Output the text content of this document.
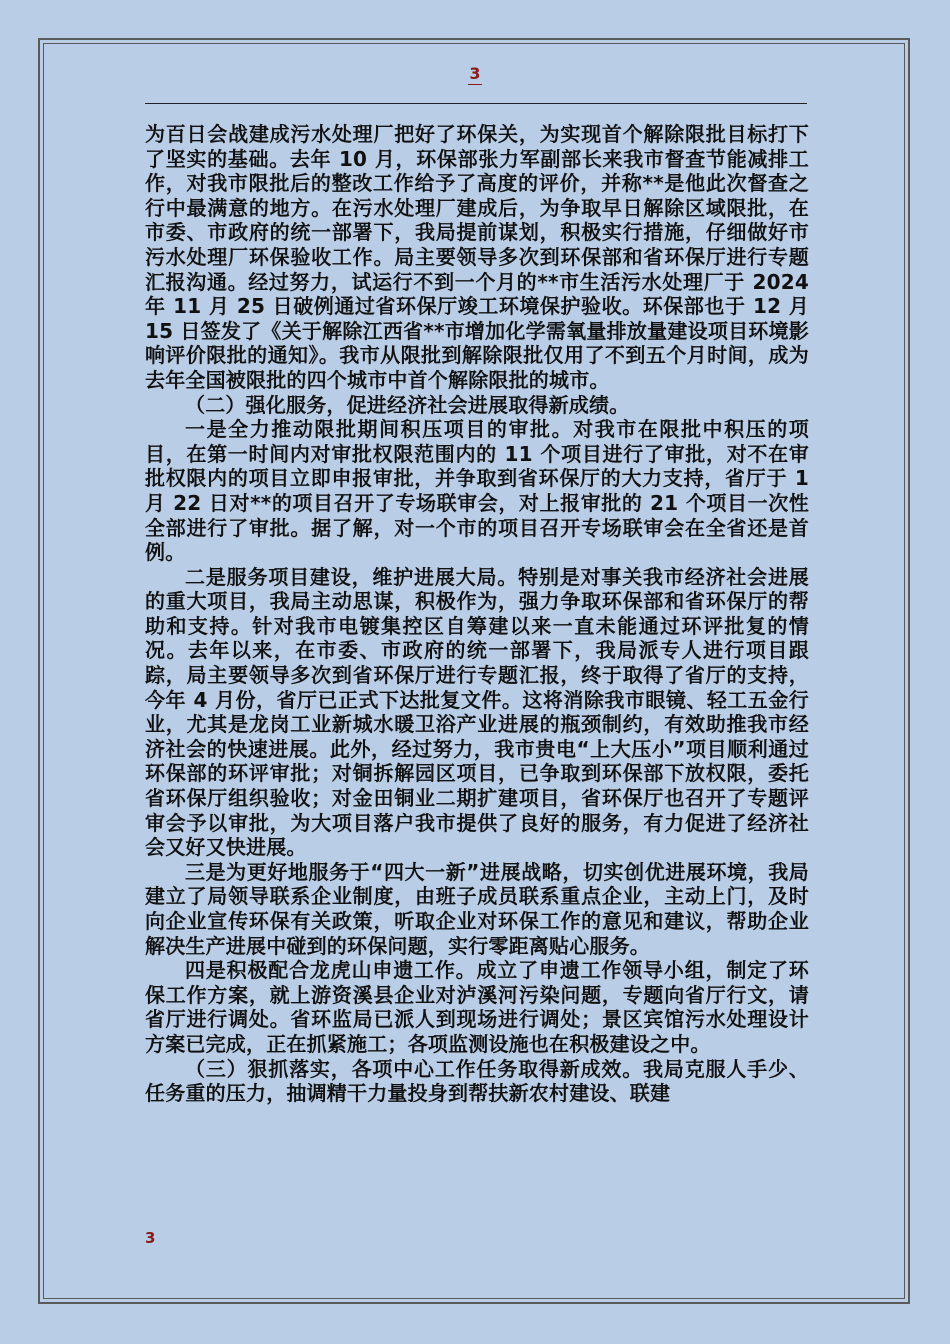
3

为百日会战建成污水处理厂把好了环保关，为实现首个解除限批目标打下了坚实的基础。去年 10 月，环保部张力军副部长来我市督查节能减排工作，对我市限批后的整改工作给予了高度的评价，并称**是他此次督查之行中最满意的地方。在污水处理厂建成后，为争取早日解除区域限批，在市委、市政府的统一部署下，我局提前谋划，积极实行措施，仔细做好市污水处理厂环保验收工作。局主要领导多次到环保部和省环保厅进行专题汇报沟通。经过努力，试运行不到一个月的**市生活污水处理厂于 2024 年 11 月 25 日破例通过省环保厅竣工环境保护验收。环保部也于 12 月 15 日签发了《关于解除江西省**市增加化学需氧量排放量建设项目环境影响评价限批的通知》。我市从限批到解除限批仅用了不到五个月时间，成为去年全国被限批的四个城市中首个解除限批的城市。

（二）强化服务，促进经济社会进展取得新成绩。

一是全力推动限批期间积压项目的审批。对我市在限批中积压的项目，在第一时间内对审批权限范围内的 11 个项目进行了审批，对不在审批权限内的项目立即申报审批，并争取到省环保厅的大力支持，省厅于 1 月 22 日对**的项目召开了专场联审会，对上报审批的 21 个项目一次性全部进行了审批。据了解，对一个市的项目召开专场联审会在全省还是首例。

二是服务项目建设，维护进展大局。特别是对事关我市经济社会进展的重大项目，我局主动思谋，积极作为，强力争取环保部和省环保厅的帮助和支持。针对我市电镀集控区自筹建以来一直未能通过环评批复的情况。去年以来，在市委、市政府的统一部署下，我局派专人进行项目跟踪，局主要领导多次到省环保厅进行专题汇报，终于取得了省厅的支持，今年 4 月份，省厅已正式下达批复文件。这将消除我市眼镜、轻工五金行业，尤其是龙岗工业新城水暖卫浴产业进展的瓶颈制约，有效助推我市经济社会的快速进展。此外，经过努力，我市贵电“上大压小”项目顺利通过环保部的环评审批；对铜拆解园区项目，已争取到环保部下放权限，委托省环保厅组织验收；对金田铜业二期扩建项目，省环保厅也召开了专题评审会予以审批，为大项目落户我市提供了良好的服务，有力促进了经济社会又好又快进展。

三是为更好地服务于“四大一新”进展战略，切实创优进展环境，我局建立了局领导联系企业制度，由班子成员联系重点企业，主动上门，及时向企业宣传环保有关政策，听取企业对环保工作的意见和建议，帮助企业解决生产进展中碰到的环保问题，实行零距离贴心服务。

四是积极配合龙虎山申遗工作。成立了申遗工作领导小组，制定了环保工作方案，就上游资溪县企业对泸溪河污染问题，专题向省厅行文，请省厅进行调处。省环监局已派人到现场进行调处；景区宾馆污水处理设计方案已完成，正在抓紧施工；各项监测设施也在积极建设之中。

（三）狠抓落实，各项中心工作任务取得新成效。我局克服人手少、任务重的压力，抽调精干力量投身到帮扶新农村建设、联建

3
